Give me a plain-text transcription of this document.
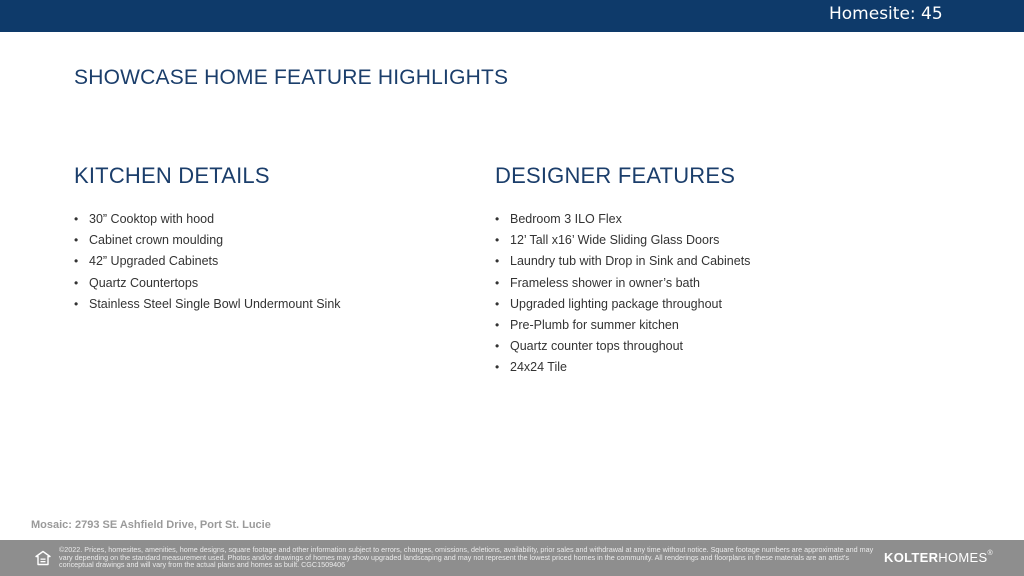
Homesite: 45
SHOWCASE HOME FEATURE HIGHLIGHTS
KITCHEN DETAILS
• 30” Cooktop with hood
• Cabinet crown moulding
• 42” Upgraded Cabinets
• Quartz Countertops
• Stainless Steel Single Bowl Undermount Sink
DESIGNER FEATURES
• Bedroom 3 ILO Flex
• 12’ Tall x16’ Wide Sliding Glass Doors
• Laundry tub with Drop in Sink and Cabinets
• Frameless shower in owner’s bath
• Upgraded lighting package throughout
• Pre-Plumb for summer kitchen
• Quartz counter tops throughout
• 24x24 Tile
Mosaic: 2793 SE Ashfield Drive, Port St. Lucie
©2022. Prices, homesites, amenities, home designs, square footage and other information subject to errors, changes, omissions, deletions, availability, prior sales and withdrawal at any time without notice. Square footage numbers are approximate and may vary depending on the standard measurement used. Photos and/or drawings of homes may show upgraded landscaping and may not represent the lowest priced homes in the community. All renderings and floorplans in these materials are an artist's conceptual drawings and will vary from the actual plans and homes as built. CGC1509406	KOLTERHOMES®
